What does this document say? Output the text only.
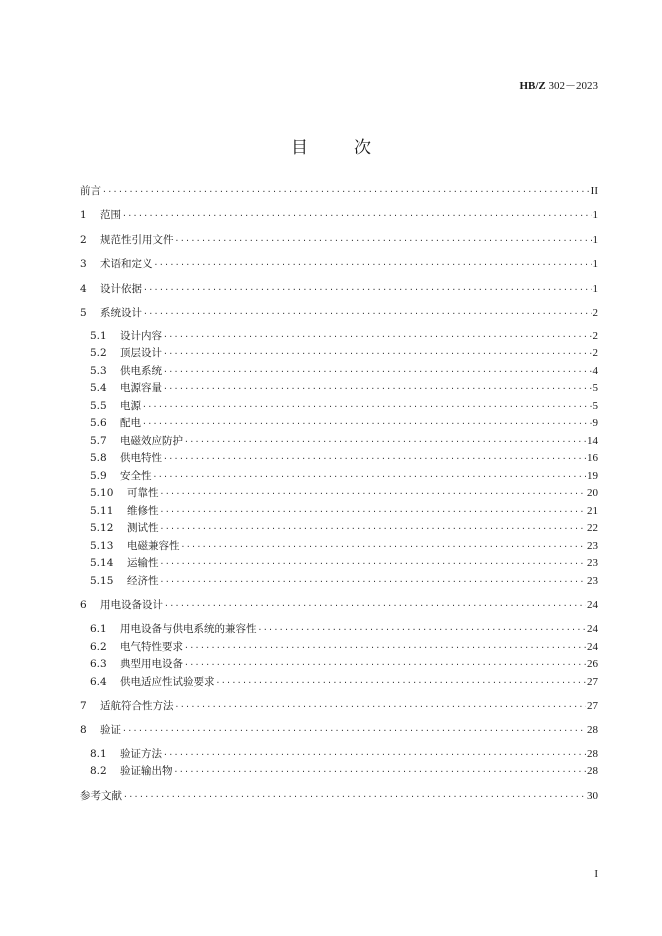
HB/Z 302－2023
目	次
前言 ·····	II
1	范围 ·····	1
2	规范性引用文件 ·····	1
3	术语和定义 ·····	1
4	设计依据 ·····	1
5	系统设计 ·····	2
5.1	设计内容 ·····	2
5.2	顶层设计 ·····	2
5.3	供电系统 ·····	4
5.4	电源容量 ·····	5
5.5	电源 ·····	5
5.6	配电 ·····	9
5.7	电磁效应防护 ·····	14
5.8	供电特性 ·····	16
5.9	安全性 ·····	19
5.10	可靠性 ·····	20
5.11	维修性 ·····	21
5.12	测试性 ·····	22
5.13	电磁兼容性 ·····	23
5.14	运输性 ·····	23
5.15	经济性 ·····	23
6	用电设备设计 ·····	24
6.1	用电设备与供电系统的兼容性 ·····	24
6.2	电气特性要求 ·····	24
6.3	典型用电设备 ·····	26
6.4	供电适应性试验要求 ·····	27
7	适航符合性方法 ·····	27
8	验证 ·····	28
8.1	验证方法 ·····	28
8.2	验证输出物 ·····	28
参考文献 ·····	30
I
